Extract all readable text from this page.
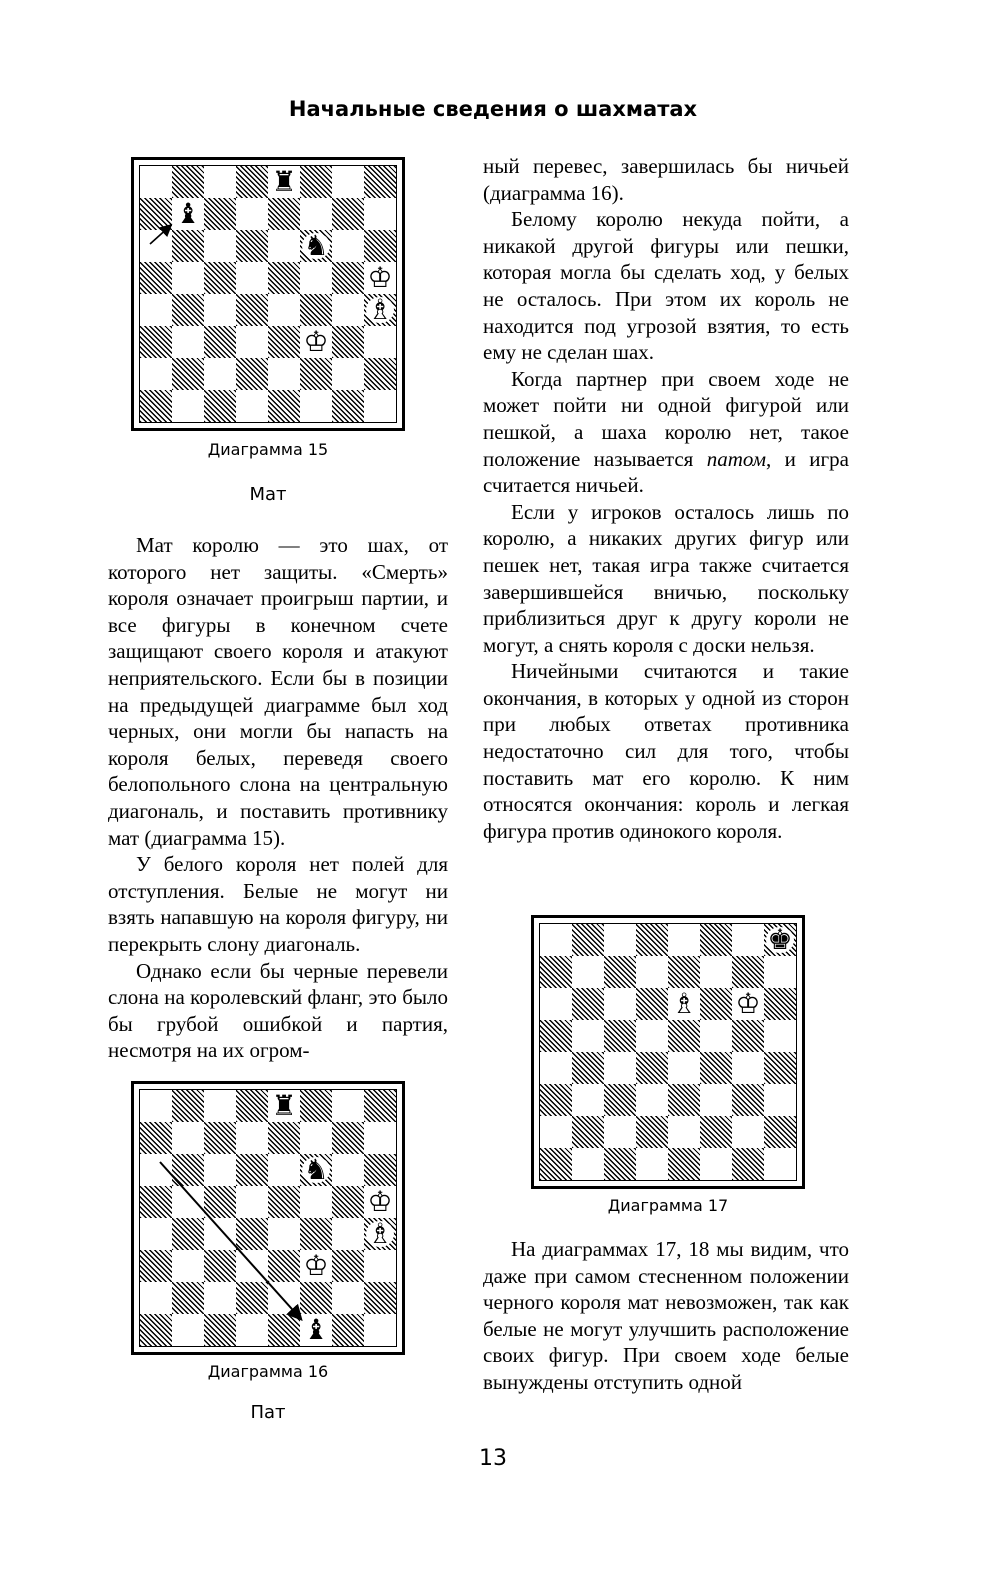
Начальные сведения о шахматах
♜
♝
♞
♔
♗
♔
Диаграмма 15
Мат

Мат королю — это шах, от которого нет защиты. «Смерть» короля означает проигрыш партии, и все фигуры в конечном счете защищают своего короля и атакуют неприятельского. Если бы в позиции на предыдущей диаграмме был ход черных, они могли бы напасть на короля белых, переведя своего белопольного слона на центральную диагональ, и поставить противнику мат (диаграмма 15).

У белого короля нет полей для отступления. Белые не могут ни взять напавшую на короля фигуру, ни перекрыть слону диагональ.

Однако если бы черные перевели слона на королевский фланг, это было бы грубой ошибкой и партия, несмотря на их огром-

♜
♞
♔
♗
♔
♝
Диаграмма 16
Пат

ный перевес, завершилась бы ничьей (диаграмма 16).

Белому королю некуда пойти, а никакой другой фигуры или пешки, которая могла бы сделать ход, у белых не осталось. При этом их король не находится под угрозой взятия, то есть ему не сделан шах.

Когда партнер при своем ходе не может пойти ни одной фигурой или пешкой, а шаха королю нет, такое положение называется патом, и игра считается ничьей.

Если у игроков осталось лишь по королю, а никаких других фигур или пешек нет, такая игра также считается завершившейся вничью, поскольку приблизиться друг к другу короли не могут, а снять короля с доски нельзя.

Ничейными считаются и такие окончания, в которых у одной из сторон при любых ответах противника недостаточно сил для того, чтобы поставить мат его королю. К ним относятся окончания: король и легкая фигура против одинокого короля.

♚
♗ ♔
Диаграмма 17

На диаграммах 17, 18 мы видим, что даже при самом стесненном положении черного короля мат невозможен, так как белые не могут улучшить расположение своих фигур. При своем ходе белые вынуждены отступить одной

13
